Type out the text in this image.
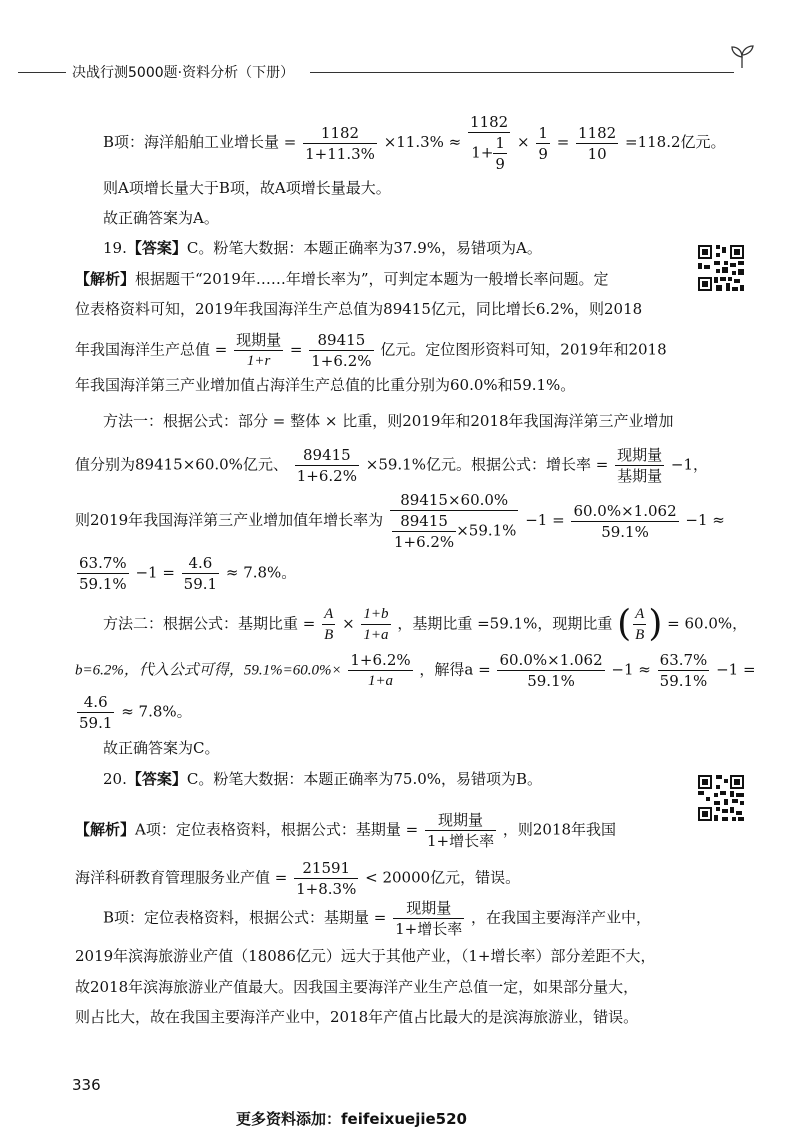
决战行测5000题·资料分析（下册）
B项：海洋船舶工业增长量 = $\frac{1182}{1+11.3\%} \times 11.3\% \approx \frac{1182}{1+ \frac{1}{9}} \times \frac{1}{9} = \frac{1182}{10} =118.2$亿元。
则A项增长量大于B项，故A项增长量最大。
故正确答案为A。
19.【答案】C。粉笔大数据：本题正确率为37.9%，易错项为A。
【解析】根据题干“2019年……年增长率为”，可判定本题为一般增长率问题。定
位表格资料可知，2019年我国海洋生产总值为89415亿元，同比增长6.2%，则2018
年我国海洋生产总值 = $\frac{\text{现期量}}{1+r} = \frac{89415}{1+6.2\%}$ 亿元。定位图形资料可知，2019年和2018
年我国海洋第三产业增加值占海洋生产总值的比重分别为60.0%和59.1%。
方法一：根据公式：部分 = 整体 × 比重，则2019年和2018年我国海洋第三产业增加
值分别为89415×60.0%亿元、 $\frac{89415}{1+6.2\%} \times 59.1\%$亿元。根据公式：增长率 = $\frac{\text{现期量}}{\text{基期量}} -1$，
则2019年我国海洋第三产业增加值年增长率为 $\frac{89415\times 60.0\%}{\frac{89415}{1+6.2\%} \times 59.1\%} -1 = \frac{60.0\%\times 1.062}{59.1\%} -1$ ≈
$\frac{63.7\%}{59.1\%} -1 = \frac{4.6}{59.1} \approx 7.8\%$。
方法二：根据公式：基期比重 = $\frac{A}{B} \times \frac{1+b}{1+a}$ ，基期比重 =59.1%，现期比重 ( $\frac{A}{B}$ ) = 60.0%，
b=6.2%，代入公式可得，$59.1\%=60.0\%\times \frac{1+6.2\%}{1+a}$ ，解得$a = \frac{60.0\%\times 1.062}{59.1\%} -1 \approx \frac{63.7\%}{59.1\%} -1$ =
$\frac{4.6}{59.1} \approx 7.8\%$。
故正确答案为C。
20.【答案】C。粉笔大数据：本题正确率为75.0%，易错项为B。
【解析】A项：定位表格资料，根据公式：基期量 = $\frac{\text{现期量}}{\text{1+增长率}}$ ，则2018年我国
海洋科研教育管理服务业产值 = $\frac{21591}{1+8.3\%} < 20000$亿元，错误。
B项：定位表格资料，根据公式：基期量 = $\frac{\text{现期量}}{\text{1+增长率}}$ ，在我国主要海洋产业中，
2019年滨海旅游业产值（18086亿元）远大于其他产业，（1+增长率）部分差距不大，
故2018年滨海旅游业产值最大。因我国主要海洋产业生产总值一定，如果部分量大，
则占比大，故在我国主要海洋产业中，2018年产值占比最大的是滨海旅游业，错误。
336
更多资料添加：feifeixuejie520
